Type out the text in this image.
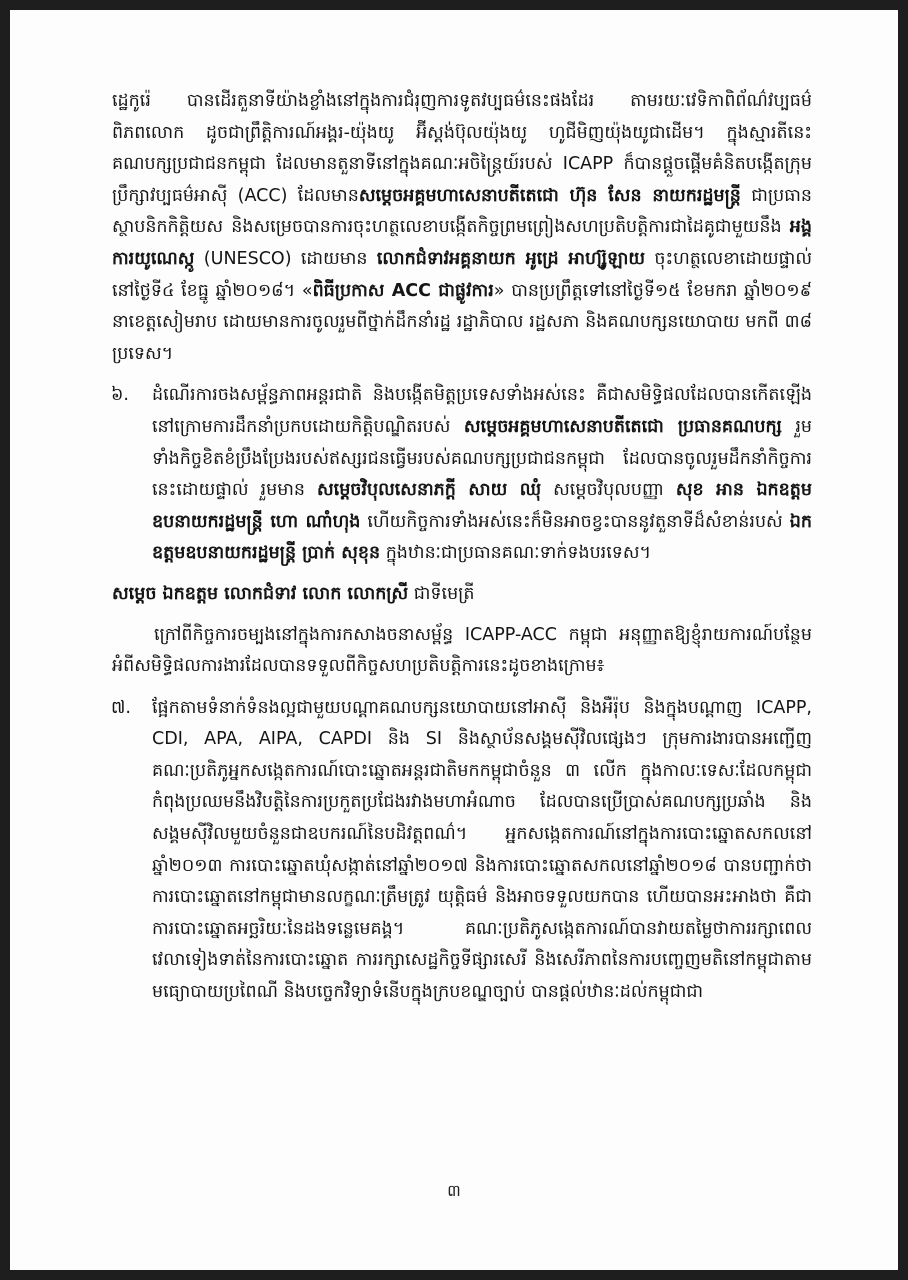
ដ្ឋេកូរ៉េ បានដើរតួនាទីយ៉ាងខ្លាំងនៅក្នុងការជំរុញការទូតវប្បធម៌នេះផងដែរ តាមរយៈវេទិកាពិព័ណ៌វប្បធម៌ពិភពលោក ដូចជាព្រឹត្តិការណ៍អង្គរ-យ៉ុងយូ អ៊ីស្តង់ប៊ុលយ៉ុងយូ ហូជីមិញយ៉ុងយូជាដើម។ ក្នុងស្មារតីនេះ គណបក្សប្រជាជនកម្ពុជា ដែលមានតួនាទីនៅក្នុងគណៈអចិន្ត្រៃយ៍របស់ ICAPP ក៏បានផ្តួចផ្តើមគំនិតបង្កើតក្រុមប្រឹក្សាវប្បធម៌អាស៊ី (ACC) ដែលមានសម្តេចអគ្គមហាសេនាបតីតេជោ ហ៊ុន សែន នាយករដ្ឋមន្ត្រី ជាប្រធានស្ថាបនិកកិត្តិយស និងសម្រេចបានការចុះហត្ថលេខាបង្កើតកិច្ចព្រមព្រៀងសហប្រតិបត្តិការជាដៃគូជាមួយនឹង អង្គការយូណេស្កូ (UNESCO) ដោយមាន លោកជំទាវអគ្គនាយក អូដ្រេ អាហ្ស៊ូឡាយ ចុះហត្ថលេខាដោយផ្ទាល់ នៅថ្ងៃទី៤ ខែធ្នូ ឆ្នាំ២០១៨។ «ពិធីប្រកាស ACC ជាផ្លូវការ» បានប្រព្រឹត្តទៅនៅថ្ងៃទី១៥ ខែមករា ឆ្នាំ២០១៩ នាខេត្តសៀមរាប ដោយមានការចូលរួមពីថ្នាក់ដឹកនាំរដ្ឋ រដ្ឋាភិបាល រដ្ឋសភា និងគណបក្សនយោបាយ មកពី ៣៨ ប្រទេស។

៦. ដំណើរការចងសម្ព័ន្ធភាពអន្តរជាតិ និងបង្កើតមិត្តប្រទេសទាំងអស់នេះ គឺជាសមិទ្ធិផលដែលបានកើតឡើងនៅក្រោមការដឹកនាំប្រកបដោយកិត្តិបណ្ឌិតរបស់ សម្តេចអគ្គមហាសេនាបតីតេជោ ប្រធានគណបក្ស រួមទាំងកិច្ចខិតខំប្រឹងប្រែងរបស់ឥស្សរជនធ្វើមរបស់គណបក្សប្រជាជនកម្ពុជា ដែលបានចូលរួមដឹកនាំកិច្ចការនេះដោយផ្ទាល់ រួមមាន សម្តេចវិបុលសេនាភក្តី សាយ ឈុំ សម្តេចវិបុលបញ្ញា សុខ អាន ឯកឧត្តមឧបនាយករដ្ឋមន្ត្រី ហោ ណាំហុង ហើយកិច្ចការទាំងអស់នេះក៏មិនអាចខ្វះបាននូវតួនាទីដ៏សំខាន់របស់ ឯកឧត្តមឧបនាយករដ្ឋមន្ត្រី ប្រាក់ សុខុន ក្នុងឋានៈជាប្រធានគណៈទាក់ទងបរទេស។

សម្តេច ឯកឧត្តម លោកជំទាវ លោក លោកស្រី ជាទីមេត្រី

ក្រៅពីកិច្ចការចម្បងនៅក្នុងការកសាងចនាសម្ព័ន្ធ ICAPP-ACC កម្ពុជា អនុញ្ញាតឱ្យខ្ញុំរាយការណ៍បន្ថែមអំពីសមិទ្ធិផលការងារដែលបានទទួលពីកិច្ចសហប្រតិបត្តិការនេះដូចខាងក្រោម៖

៧. ផ្អែកតាមទំនាក់ទំនងល្អជាមួយបណ្តាគណបក្សនយោបាយនៅអាស៊ី និងអឺរ៉ុប និងក្នុងបណ្តាញ ICAPP, CDI, APA, AIPA, CAPDI និង SI និងស្ថាប័នសង្គមស៊ីវិលផ្សេងៗ ក្រុមការងារបានអញ្ជើញគណៈប្រតិភូអ្នកសង្កេតការណ៍បោះឆ្នោតអន្តរជាតិមកកម្ពុជាចំនួន ៣ លើក ក្នុងកាលៈទេសៈដែលកម្ពុជាកំពុងប្រឈមនឹងវិបត្តិនៃការប្រកួតប្រជែងរវាងមហាអំណាច ដែលបានប្រើប្រាស់គណបក្សប្រឆាំង និងសង្គមស៊ីវិលមួយចំនួនជាឧបករណ៍នៃបដិវត្តពណ៌។ អ្នកសង្កេតការណ៍នៅក្នុងការបោះឆ្នោតសកលនៅឆ្នាំ២០១៣ ការបោះឆ្នោតឃុំសង្កាត់នៅឆ្នាំ២០១៧ និងការបោះឆ្នោតសកលនៅឆ្នាំ២០១៨ បានបញ្ជាក់ថាការបោះឆ្នោតនៅកម្ពុជាមានលក្ខណៈត្រឹមត្រូវ យុត្តិធម៌ និងអាចទទួលយកបាន ហើយបានអះអាងថា គឺជាការបោះឆ្នោតអច្ឆរិយៈនៃដងទន្លេមេគង្គ។ គណៈប្រតិភូសង្កេតការណ៍បានវាយតម្លៃថាការរក្សាពេលវេលាទៀងទាត់នៃការបោះឆ្នោត ការរក្សាសេដ្ឋកិច្ចទីផ្សារសេរី និងសេរីភាពនៃការបញ្ចេញមតិនៅកម្ពុជាតាមមធ្យោបាយប្រពៃណី និងបច្ចេកវិទ្យាទំនើបក្នុងក្របខណ្ឌច្បាប់ បានផ្តល់ឋានៈដល់កម្ពុជាជា

៣
